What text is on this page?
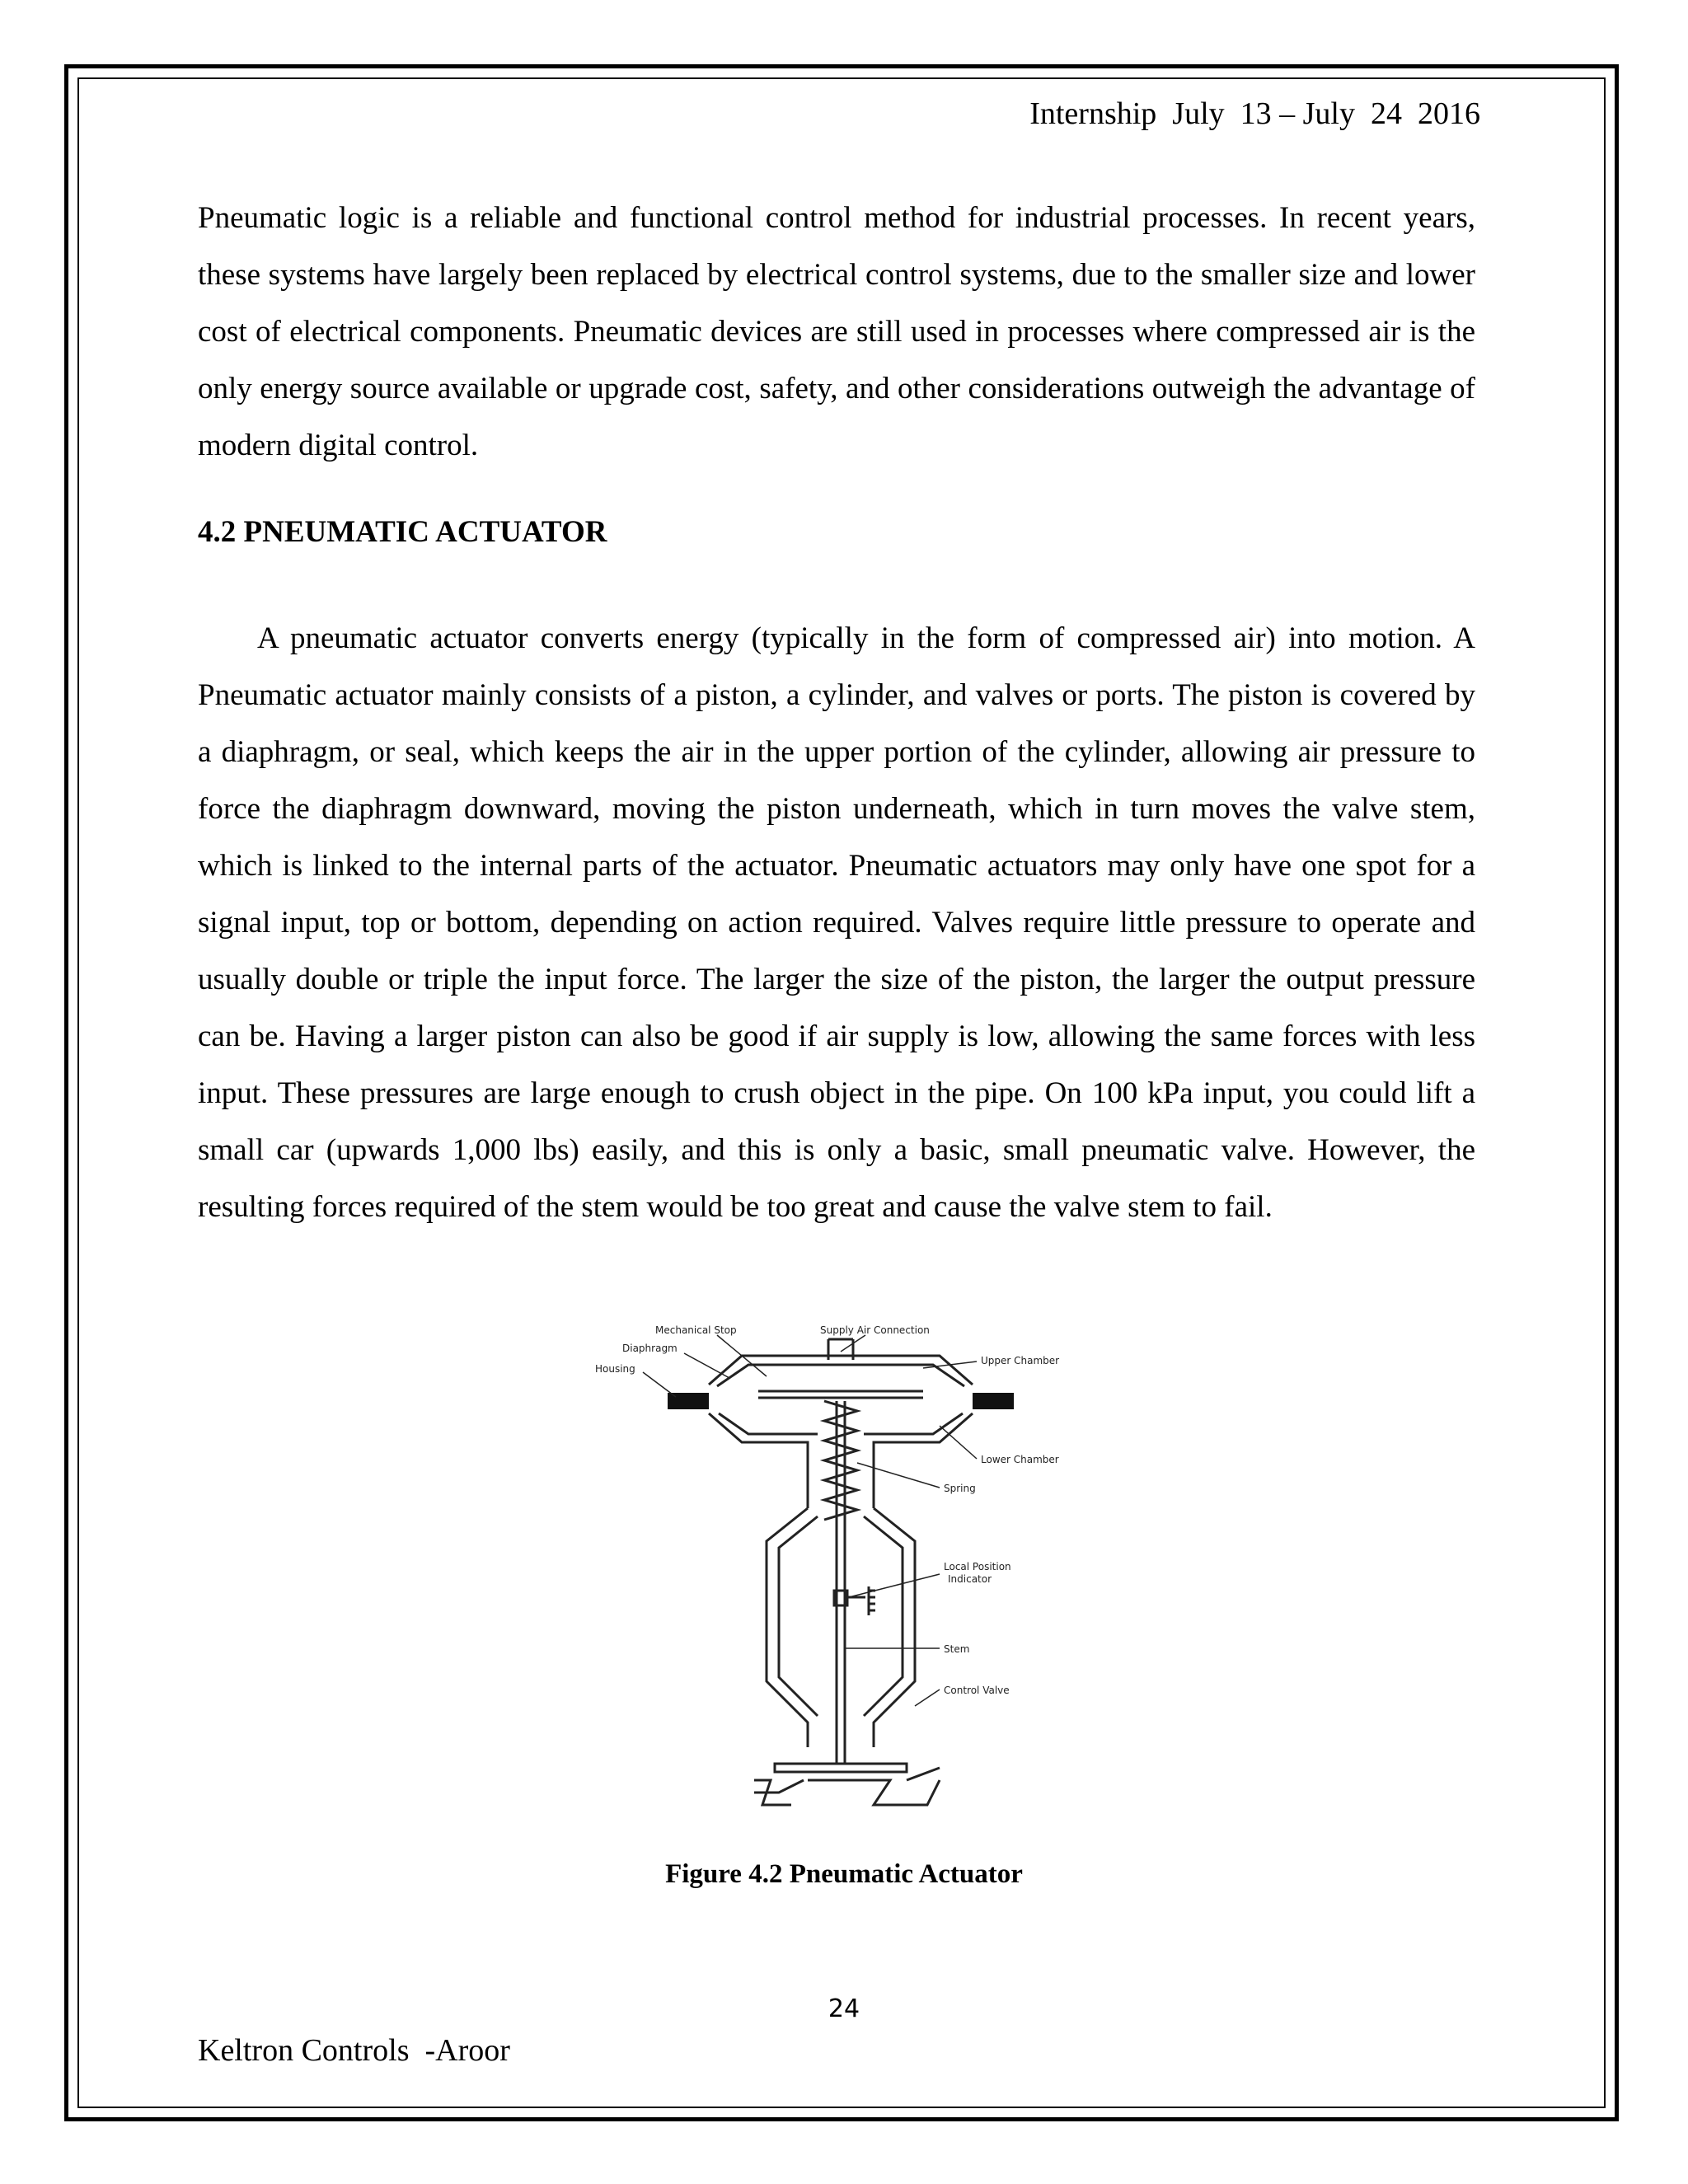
Internship  July  13 – July  24  2016

Pneumatic logic is a reliable and functional control method for industrial processes. In recent years, these systems have largely been replaced by electrical control systems, due to the smaller size and lower cost of electrical components. Pneumatic devices are still used in processes where compressed air is the only energy source available or upgrade cost, safety, and other considerations outweigh the advantage of modern digital control.

4.2 PNEUMATIC ACTUATOR

A pneumatic actuator converts energy (typically in the form of compressed air) into motion. A Pneumatic actuator mainly consists of a piston, a cylinder, and valves or ports. The piston is covered by a diaphragm, or seal, which keeps the air in the upper portion of the cylinder, allowing air pressure to force the diaphragm downward, moving the piston underneath, which in turn moves the valve stem, which is linked to the internal parts of the actuator. Pneumatic actuators may only have one spot for a signal input, top or bottom, depending on action required. Valves require little pressure to operate and usually double or triple the input force. The larger the size of the piston, the larger the output pressure can be. Having a larger piston can also be good if air supply is low, allowing the same forces with less input. These pressures are large enough to crush object in the pipe. On 100 kPa input, you could lift a small car (upwards 1,000 lbs) easily, and this is only a basic, small pneumatic valve. However, the resulting forces required of the stem would be too great and cause the valve stem to fail.

Mechanical Stop	Supply Air Connection
Diaphragm
Upper Chamber
Housing
Lower Chamber
Spring
Local Position
Indicator
Stem
Control Valve
Figure 4.2 Pneumatic Actuator
24
Keltron Controls  -Aroor
